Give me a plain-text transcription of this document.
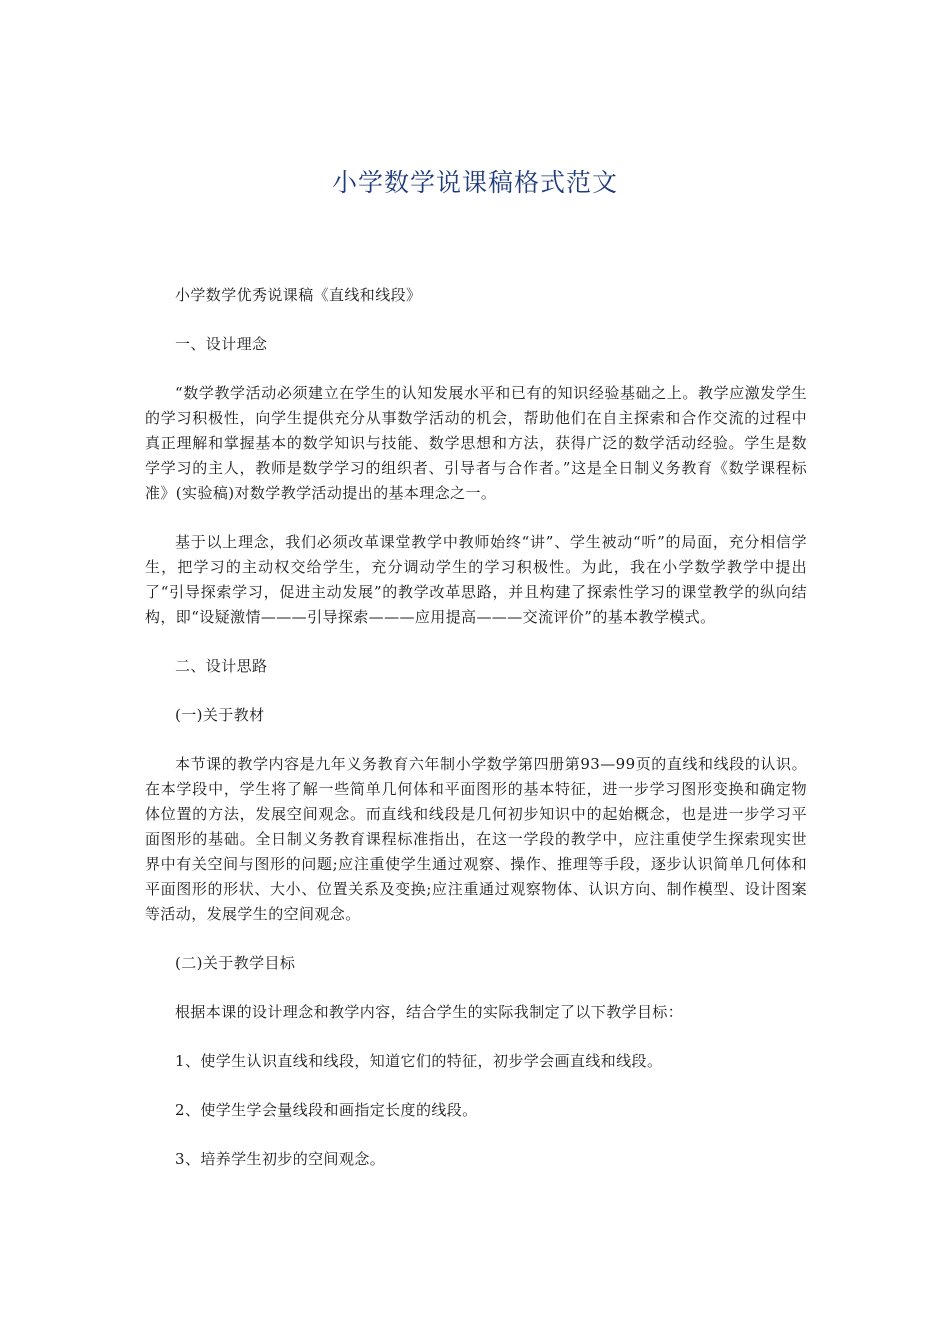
小学数学说课稿格式范文

小学数学优秀说课稿《直线和线段》

一、设计理念

“数学教学活动必须建立在学生的认知发展水平和已有的知识经验基础之上。教学应激发学生的学习积极性，向学生提供充分从事数学活动的机会，帮助他们在自主探索和合作交流的过程中真正理解和掌握基本的数学知识与技能、数学思想和方法，获得广泛的数学活动经验。学生是数学学习的主人，教师是数学学习的组织者、引导者与合作者。”这是全日制义务教育《数学课程标准》(实验稿)对数学教学活动提出的基本理念之一。

基于以上理念，我们必须改革课堂教学中教师始终“讲”、学生被动“听”的局面，充分相信学生，把学习的主动权交给学生，充分调动学生的学习积极性。为此，我在小学数学教学中提出了“引导探索学习，促进主动发展”的教学改革思路，并且构建了探索性学习的课堂教学的纵向结构，即“设疑激情———引导探索———应用提高———交流评价”的基本教学模式。

二、设计思路

(一)关于教材

本节课的教学内容是九年义务教育六年制小学数学第四册第93—99页的直线和线段的认识。在本学段中，学生将了解一些简单几何体和平面图形的基本特征，进一步学习图形变换和确定物体位置的方法，发展空间观念。而直线和线段是几何初步知识中的起始概念，也是进一步学习平面图形的基础。全日制义务教育课程标准指出，在这一学段的教学中，应注重使学生探索现实世界中有关空间与图形的问题;应注重使学生通过观察、操作、推理等手段，逐步认识简单几何体和平面图形的形状、大小、位置关系及变换;应注重通过观察物体、认识方向、制作模型、设计图案等活动，发展学生的空间观念。

(二)关于教学目标

根据本课的设计理念和教学内容，结合学生的实际我制定了以下教学目标：

1、使学生认识直线和线段，知道它们的特征，初步学会画直线和线段。

2、使学生学会量线段和画指定长度的线段。

3、培养学生初步的空间观念。
